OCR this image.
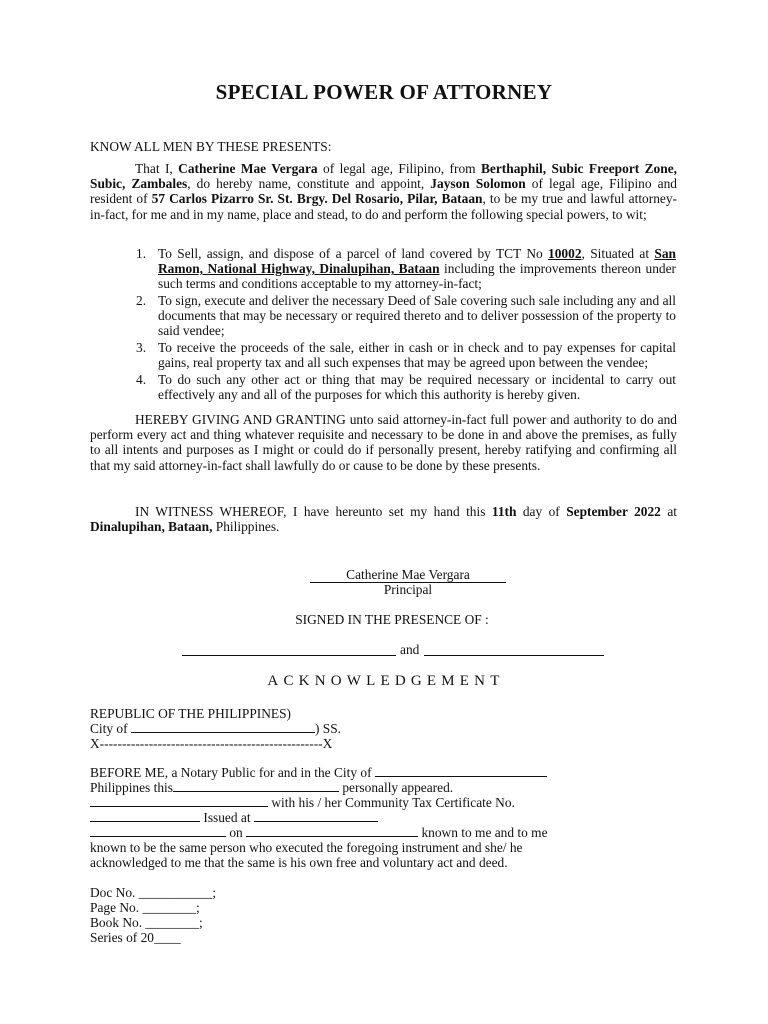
SPECIAL POWER OF ATTORNEY
KNOW ALL MEN BY THESE PRESENTS:
That I, Catherine Mae Vergara of legal age, Filipino, from Berthaphil, Subic Freeport Zone, Subic, Zambales, do hereby name, constitute and appoint, Jayson Solomon of legal age, Filipino and resident of 57 Carlos Pizarro Sr. St. Brgy. Del Rosario, Pilar, Bataan, to be my true and lawful attorney-in-fact, for me and in my name, place and stead, to do and perform the following special powers, to wit;
1. To Sell, assign, and dispose of a parcel of land covered by TCT No 10002, Situated at San Ramon, National Highway, Dinalupihan, Bataan including the improvements thereon under such terms and conditions acceptable to my attorney-in-fact;
2. To sign, execute and deliver the necessary Deed of Sale covering such sale including any and all documents that may be necessary or required thereto and to deliver possession of the property to said vendee;
3. To receive the proceeds of the sale, either in cash or in check and to pay expenses for capital gains, real property tax and all such expenses that may be agreed upon between the vendee;
4. To do such any other act or thing that may be required necessary or incidental to carry out effectively any and all of the purposes for which this authority is hereby given.
HEREBY GIVING AND GRANTING unto said attorney-in-fact full power and authority to do and perform every act and thing whatever requisite and necessary to be done in and above the premises, as fully to all intents and purposes as I might or could do if personally present, hereby ratifying and confirming all that my said attorney-in-fact shall lawfully do or cause to be done by these presents.
IN WITNESS WHEREOF, I have hereunto set my hand this 11th day of September 2022 at Dinalupihan, Bataan, Philippines.
Catherine Mae Vergara
Principal
SIGNED IN THE PRESENCE OF :
and
ACKNOWLEDGEMENT
REPUBLIC OF THE PHILIPPINES)
City of	) SS.
X--------------------------------------------------X
BEFORE ME, a Notary Public for and in the City of
Philippines this	personally appeared.
with his / her Community Tax Certificate No.
Issued at
on	known to me and to me
known to be the same person who executed the foregoing instrument and she/ he
acknowledged to me that the same is his own free and voluntary act and deed.
Doc No. ___________;
Page No. ________;
Book No. ________;
Series of 20____
